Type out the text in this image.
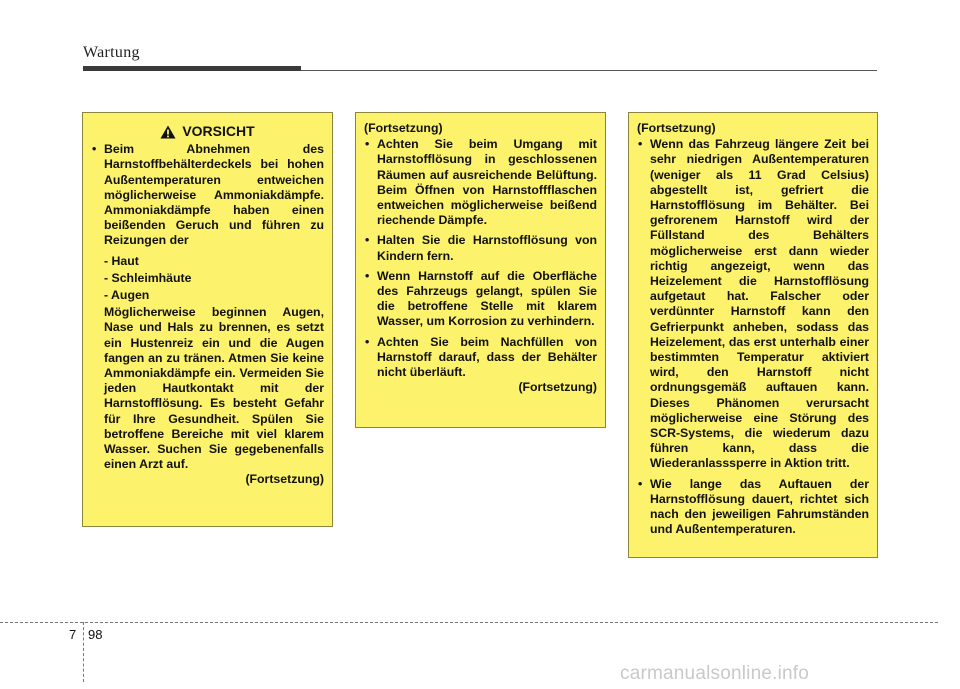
Wartung
VORSICHT
• Beim Abnehmen des Harnstoffbehälterdeckels bei hohen Außentemperaturen entweichen möglicherweise Ammoniakdämpfe. Ammoniakdämpfe haben einen beißenden Geruch und führen zu Reizungen der
- Haut
- Schleimhäute
- Augen
Möglicherweise beginnen Augen, Nase und Hals zu brennen, es setzt ein Hustenreiz ein und die Augen fangen an zu tränen. Atmen Sie keine Ammoniakdämpfe ein. Vermeiden Sie jeden Hautkontakt mit der Harnstofflösung. Es besteht Gefahr für Ihre Gesundheit. Spülen Sie betroffene Bereiche mit viel klarem Wasser. Suchen Sie gegebenenfalls einen Arzt auf.
(Fortsetzung)
(Fortsetzung)
• Achten Sie beim Umgang mit Harnstofflösung in geschlossenen Räumen auf ausreichende Belüftung. Beim Öffnen von Harnstoffflaschen entweichen möglicherweise beißend riechende Dämpfe.
• Halten Sie die Harnstofflösung von Kindern fern.
• Wenn Harnstoff auf die Oberfläche des Fahrzeugs gelangt, spülen Sie die betroffene Stelle mit klarem Wasser, um Korrosion zu verhindern.
• Achten Sie beim Nachfüllen von Harnstoff darauf, dass der Behälter nicht überläuft.
(Fortsetzung)
(Fortsetzung)
• Wenn das Fahrzeug längere Zeit bei sehr niedrigen Außentemperaturen (weniger als 11 Grad Celsius) abgestellt ist, gefriert die Harnstofflösung im Behälter. Bei gefrorenem Harnstoff wird der Füllstand des Behälters möglicherweise erst dann wieder richtig angezeigt, wenn das Heizelement die Harnstofflösung aufgetaut hat. Falscher oder verdünnter Harnstoff kann den Gefrierpunkt anheben, sodass das Heizelement, das erst unterhalb einer bestimmten Temperatur aktiviert wird, den Harnstoff nicht ordnungsgemäß auftauen kann. Dieses Phänomen verursacht möglicherweise eine Störung des SCR-Systems, die wiederum dazu führen kann, dass die Wiederanlasssperre in Aktion tritt.
• Wie lange das Auftauen der Harnstofflösung dauert, richtet sich nach den jeweiligen Fahrumständen und Außentemperaturen.
7 98
carmanualsonline.info
